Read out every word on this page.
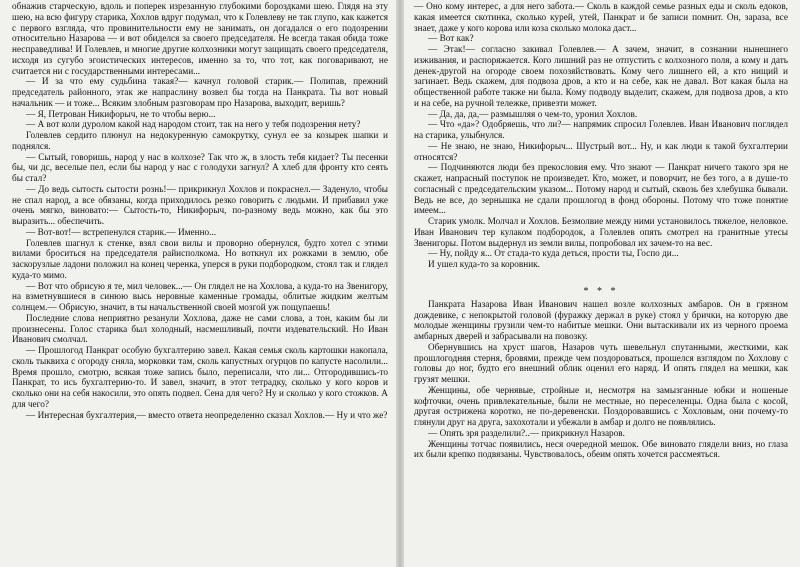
обнажив старческую, вдоль и поперек изрезанную глубокими бороздками шею. Глядя на эту шею, на всю фигуру старика, Хохлов вдруг подумал, что к Голевлеву не так глупо, как кажется с первого взгляда, что провинительности ему не занимать, он догадался о его подозрении относительно Назарова — и вот обиделся за своего председателя. Не всегда такая обида тоже несправедлива! И Голевлев, и многие другие колхозники могут защищать своего председателя, исходя из сугубо эгоистических интересов, именно за то, что тот, как поговаривают, не считается ни с государственными интересами...

— И за что ему судьбина такая?— качнул головой старик.— Полипав, прежний председатель районного, этак же напраслину возвел бы тогда на Панкрата. Ты вот новый начальник — и тоже... Всяким злобным разговорам про Назарова, выходит, веришь?

— Я, Петрован Никифорыч, не то чтобы верю...

— А вот коли дуролом какой над народом стоит, так на него у тебя подозрения нету?

Голевлев сердито плюнул на недокуренную самокрутку, сунул ее за козырек шапки и поднялся.

— Сытый, говоришь, народ у нас в колхозе? Так что ж, в злость тебя кидает? Ты песенки бы, чи дс, веселые пел, если бы народ у нас с голодухи загнул? А хлеб для фронту кто сеять бы стал?

— До ведь сытость сытости рознь!— прикрикнул Хохлов и покраснел.— Заденуло, чтобы не спал народ, а все обязаны, когда приходилось резко говорить с людьми. И прибавил уже очень мягко, виновато:— Сытость-то, Никифорыч, по-разному ведь можно, как бы это выразить... обеспечить.

— Вот-вот!— встрепенулся старик.— Именно...

Голевлев шагнул к стенке, взял свои вилы и проворно обернулся, будто хотел с этими вилами броситься на председателя райисполкома. Но воткнул их рожками в землю, обе заскорузлые ладони положил на конец черенка, уперся в руки подбородком, стоял так и глядел куда-то мимо.

— Вот что обрисую я те, мил человек...— Он глядел не на Хохлова, а куда-то на Звенигору, на взметнувшиеся в синюю высь неровные каменные громады, облитые жидким желтым солнцем.— Обрисую, значит, в ты начальственной своей мозгой уж пощупаешь!

Последние слова неприятно резанули Хохлова, даже не сами слова, а тон, каким бы ли произнесены. Голос старика был холодный, насмешливый, почти издевательский. Но Иван Иванович смолчал.

— Прошлогод Панкрат особую бухгалтерию завел. Какая семья сколь картошки накопала, сколь тыквиха с огороду сняла, морковки там, сколь капустных огурцов по капусте насолили... Время прошло, смотрю, всякая тоже запись было, переписали, что ли... Отгородившись-то Панкрат, то ись бухгалтерию-то. И завел, значит, в этот тетрадку, сколько у кого коров и сколько они на себя накосили, это опять подвел. Сена для чего? Ну и сколько у кого стожков. А для чего?

— Интересная бухгалтерия,— вместо ответа неопределенно сказал Хохлов.— Ну и что же?

— Оно кому интерес, а для него забота.— Сколь в каждой семье разных еды и сколь едоков, какая имеется скотинка, сколько курей, утей, Панкрат и бе записи помнит. Он, зараза, все знает, даже у кого корова или коза сколько молока даст...

— Вот как?

— Этак!— согласно закивал Голевлев.— А зачем, значит, в сознании нынешнего изживания, и распоряжается. Кого лишний раз не отпустить с колхозного поля, а кому и дать денек-другой на огороде своем похозяйствовать. Кому чего лишнего ей, а кто нищий и загинает. Ведь скажем, для подвоза дров, а кто и на себе, как не давал. Вот какая была на общественной работе также ни была. Кому подводу выделит, скажем, для подвоза дров, а кто и на себе, на ручной тележке, привезти может.

— Да, да, да,— размышляя о чем-то, уронил Хохлов.

— Что «да»? Одобряешь, что ли?— напрямик спросил Голевлев. Иван Иванович поглядел на старика, улыбнулся.

— Не знаю, не знаю, Никифорыч... Шустрый вот... Ну, и как люди к такой бухгалтерии относятся?

— Подчиняются люди без прекословия ему. Что знают — Панкрат ничего такого зря не скажет, напрасный поступок не произведет. Кто, может, и поворчит, не без того, а в душе-то согласный с председательским указом... Потому народ и сытый, сквозь без хлебушка бывали. Ведь не все, до зернышка не сдали прошлогод в фонд обороны. Потому что тоже понятие имеем...

Старик умолк. Молчал и Хохлов. Безмолвие между ними установилось тяжелое, неловкое. Иван Иванович тер кулаком подбородок, а Голевлев опять смотрел на гранитные утесы Звенигоры. Потом выдернул из земли вилы, попробовал их зачем-то на вес.

— Ну, пойду я... От стада-то куда деться, прости ты, Госпо ди...

И ушел куда-то за коровник.

* * *

Панкрата Назарова Иван Иванович нашел возле колхозных амбаров. Он в грязном дождевике, с непокрытой головой (фуражку держал в руке) стоял у брички, на которую две молодые женщины грузили чем-то набитые мешки. Они вытаскивали их из черного проема амбарных дверей и забрасывали на повозку.

Обернувшись на хруст шагов, Назаров чуть шевельнул спутанными, жесткими, как прошлогодняя стерня, бровями, прежде чем поздороваться, прошелся взглядом по Хохлову с головы до ног, будто его внешний облик оценил его наряд. И опять глядел на мешки, как грузят мешки.

Женщины, обе чернявые, стройные и, несмотря на замызганные юбки и ношеные кофточки, очень привлекательные, были не местные, но переселенцы. Одна была с косой, другая острижена коротко, не по-деревенски. Поздоровавшись с Хохловым, они почему-то глянули друг на друга, захохотали и убежали в амбар и долго не появлялись.

— Опять зря разделили?..— прикрикнул Назаров.

Женщины тотчас появились, неся очередной мешок. Обе виновато глядели вниз, но глаза их были крепко подвязаны. Чувствовалось, обеим опять хочется рассмеяться.
